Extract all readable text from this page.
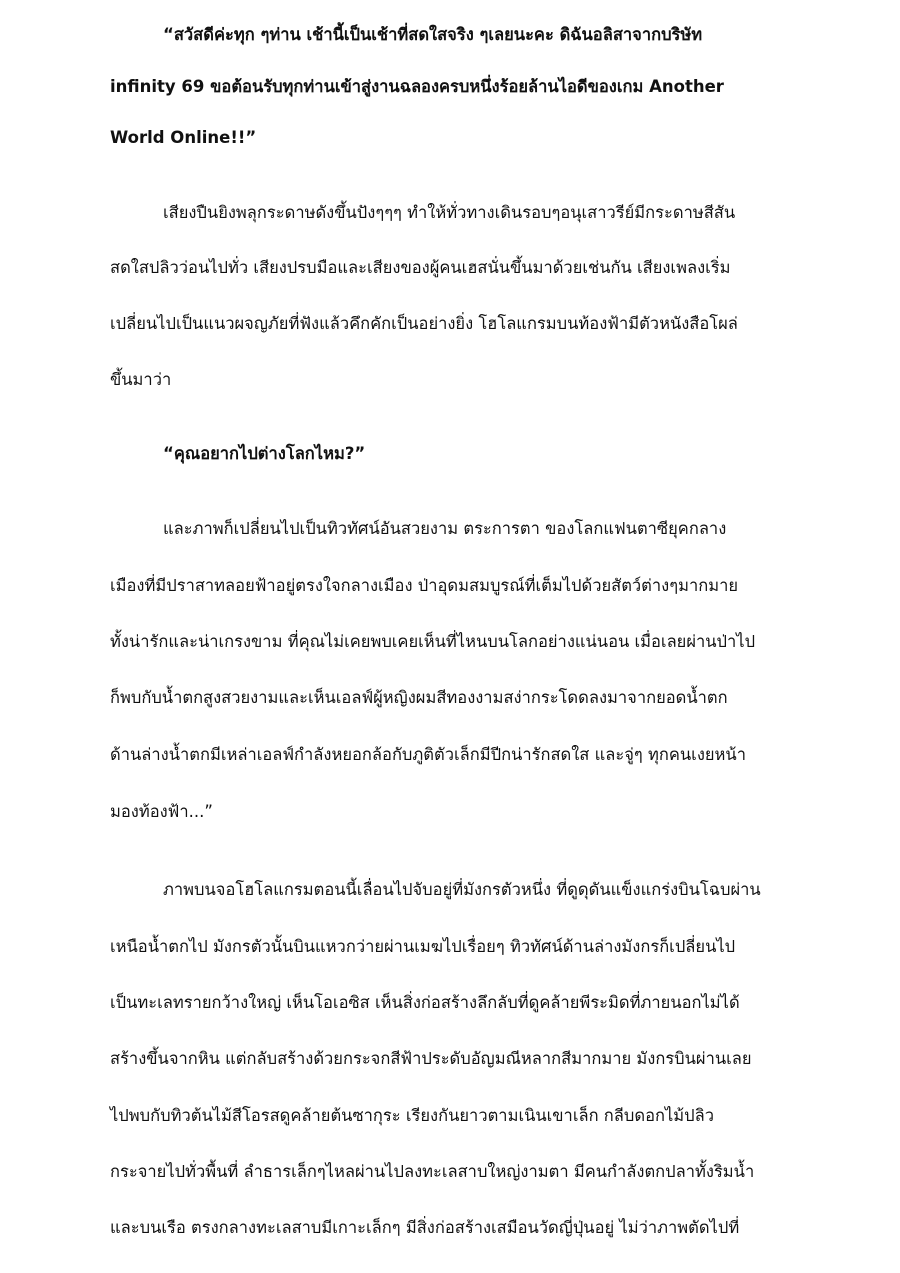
“สวัสดีค่ะทุก ๆท่าน เช้านี้เป็นเช้าที่สดใสจริง ๆเลยนะคะ ดิฉันอลิสาจากบริษัท
infinity 69 ขอต้อนรับทุกท่านเข้าสู่งานฉลองครบหนึ่งร้อยล้านไอดีของเกม Another
World Online!!”
เสียงปืนยิงพลุกระดาษดังขึ้นปังๆๆๆ ทำให้ทั่วทางเดินรอบๆอนุเสาวรีย์มีกระดาษสีสัน
สดใสปลิวว่อนไปทั่ว เสียงปรบมือและเสียงของผู้คนเฮสนั่นขึ้นมาด้วยเช่นกัน เสียงเพลงเริ่ม
เปลี่ยนไปเป็นแนวผจญภัยที่ฟังแล้วคึกคักเป็นอย่างยิ่ง โฮโลแกรมบนท้องฟ้ามีตัวหนังสือโผล่
ขึ้นมาว่า
“คุณอยากไปต่างโลกไหม?”
และภาพก็เปลี่ยนไปเป็นทิวทัศน์อันสวยงาม ตระการตา ของโลกแฟนตาซียุคกลาง
เมืองที่มีปราสาทลอยฟ้าอยู่ตรงใจกลางเมือง ป่าอุดมสมบูรณ์ที่เต็มไปด้วยสัตว์ต่างๆมากมาย
ทั้งน่ารักและน่าเกรงขาม ที่คุณไม่เคยพบเคยเห็นที่ไหนบนโลกอย่างแน่นอน เมื่อเลยผ่านป่าไป
ก็พบกับน้ำตกสูงสวยงามและเห็นเอลฟ์ผู้หญิงผมสีทองงามสง่ากระโดดลงมาจากยอดน้ำตก
ด้านล่างน้ำตกมีเหล่าเอลฟ์กำลังหยอกล้อกับภูติตัวเล็กมีปีกน่ารักสดใส และจู่ๆ ทุกคนเงยหน้า
มองท้องฟ้า...”
ภาพบนจอโฮโลแกรมตอนนี้เลื่อนไปจับอยู่ที่มังกรตัวหนึ่ง ที่ดูดุดันแข็งแกร่งบินโฉบผ่าน
เหนือน้ำตกไป มังกรตัวนั้นบินแหวกว่ายผ่านเมฆไปเรื่อยๆ ทิวทัศน์ด้านล่างมังกรก็เปลี่ยนไป
เป็นทะเลทรายกว้างใหญ่ เห็นโอเอซิส เห็นสิ่งก่อสร้างลึกลับที่ดูคล้ายพีระมิดที่ภายนอกไม่ได้
สร้างขึ้นจากหิน แต่กลับสร้างด้วยกระจกสีฟ้าประดับอัญมณีหลากสีมากมาย มังกรบินผ่านเลย
ไปพบกับทิวต้นไม้สีโอรสดูคล้ายต้นซากุระ เรียงกันยาวตามเนินเขาเล็ก กลีบดอกไม้ปลิว
กระจายไปทั่วพื้นที่ ลำธารเล็กๆไหลผ่านไปลงทะเลสาบใหญ่งามตา มีคนกำลังตกปลาทั้งริมน้ำ
และบนเรือ ตรงกลางทะเลสาบมีเกาะเล็กๆ มีสิ่งก่อสร้างเสมือนวัดญี่ปุ่นอยู่ ไม่ว่าภาพตัดไปที่
